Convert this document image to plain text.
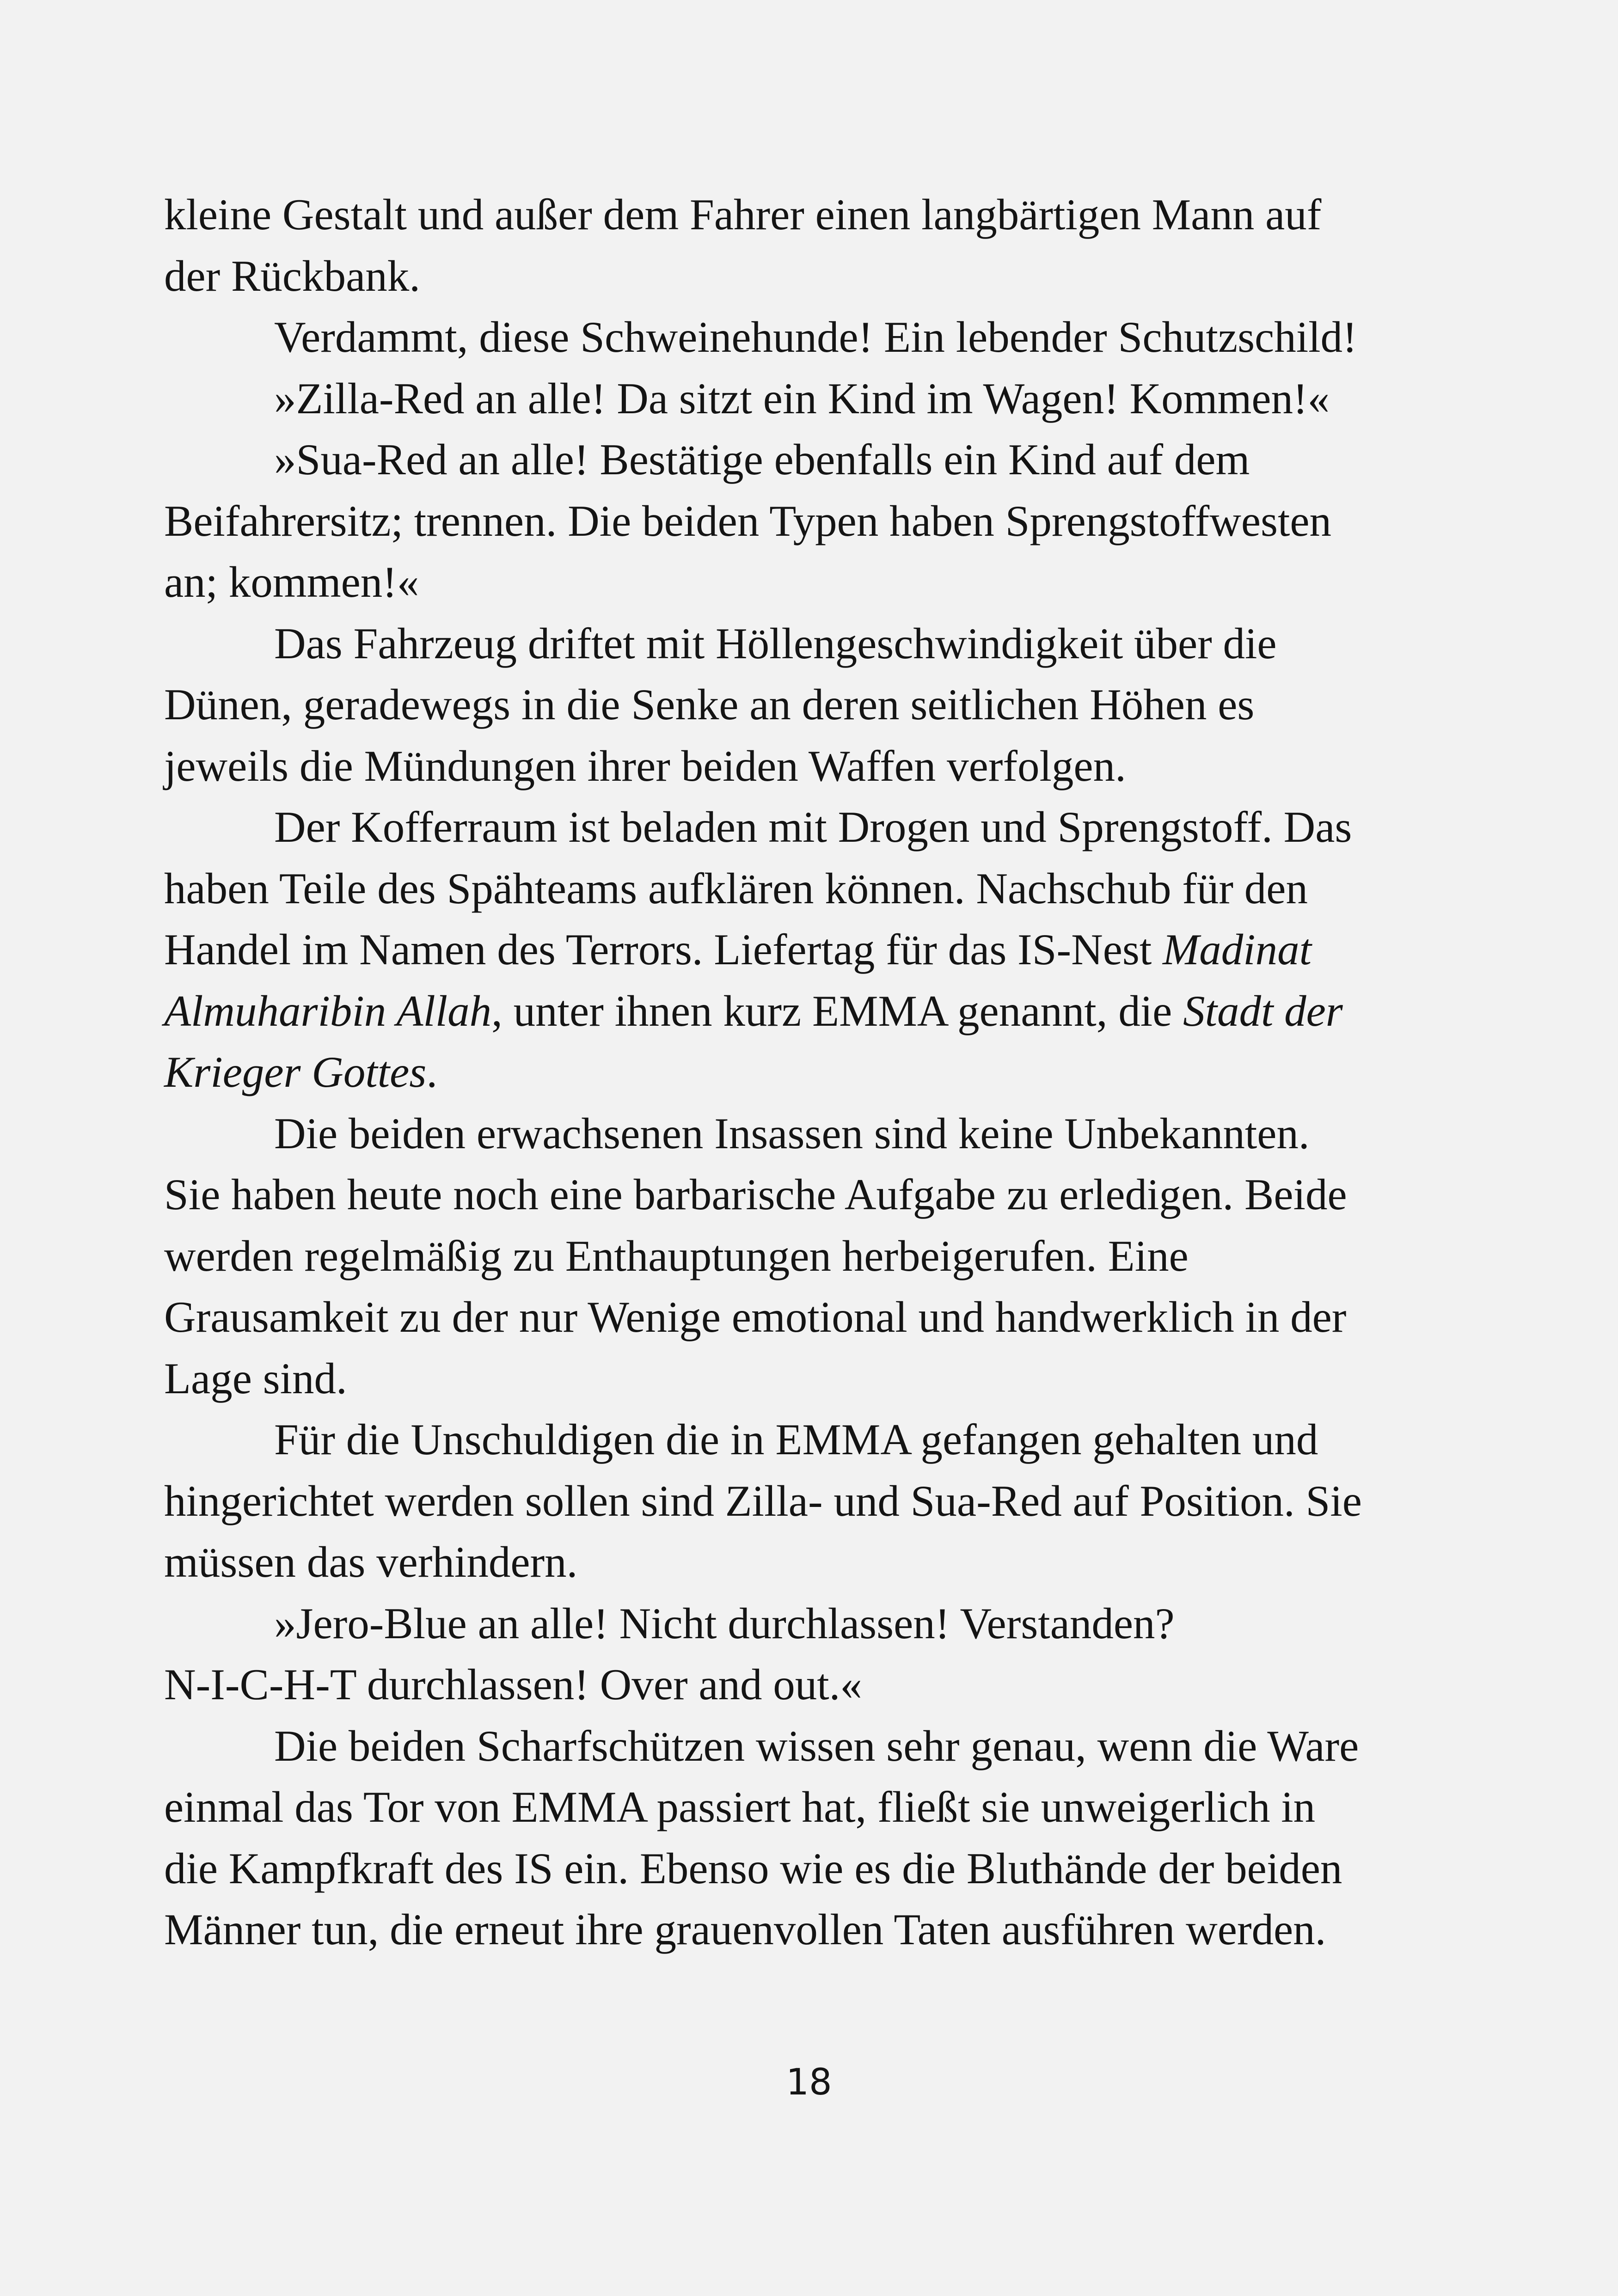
kleine Gestalt und außer dem Fahrer einen langbärtigen Mann auf
der Rückbank.
Verdammt, diese Schweinehunde! Ein lebender Schutzschild!
»Zilla-Red an alle! Da sitzt ein Kind im Wagen! Kommen!«
»Sua-Red an alle! Bestätige ebenfalls ein Kind auf dem
Beifahrersitz; trennen. Die beiden Typen haben Sprengstoffwesten
an; kommen!«
Das Fahrzeug driftet mit Höllengeschwindigkeit über die
Dünen, geradewegs in die Senke an deren seitlichen Höhen es
jeweils die Mündungen ihrer beiden Waffen verfolgen.
Der Kofferraum ist beladen mit Drogen und Sprengstoff. Das
haben Teile des Spähteams aufklären können. Nachschub für den
Handel im Namen des Terrors. Liefertag für das IS-Nest Madinat
Almuharibin Allah, unter ihnen kurz EMMA genannt, die Stadt der
Krieger Gottes.
Die beiden erwachsenen Insassen sind keine Unbekannten.
Sie haben heute noch eine barbarische Aufgabe zu erledigen. Beide
werden regelmäßig zu Enthauptungen herbeigerufen. Eine
Grausamkeit zu der nur Wenige emotional und handwerklich in der
Lage sind.
Für die Unschuldigen die in EMMA gefangen gehalten und
hingerichtet werden sollen sind Zilla- und Sua-Red auf Position. Sie
müssen das verhindern.
»Jero-Blue an alle! Nicht durchlassen! Verstanden?
N-I-C-H-T durchlassen! Over and out.«
Die beiden Scharfschützen wissen sehr genau, wenn die Ware
einmal das Tor von EMMA passiert hat, fließt sie unweigerlich in
die Kampfkraft des IS ein. Ebenso wie es die Bluthände der beiden
Männer tun, die erneut ihre grauenvollen Taten ausführen werden.
18
